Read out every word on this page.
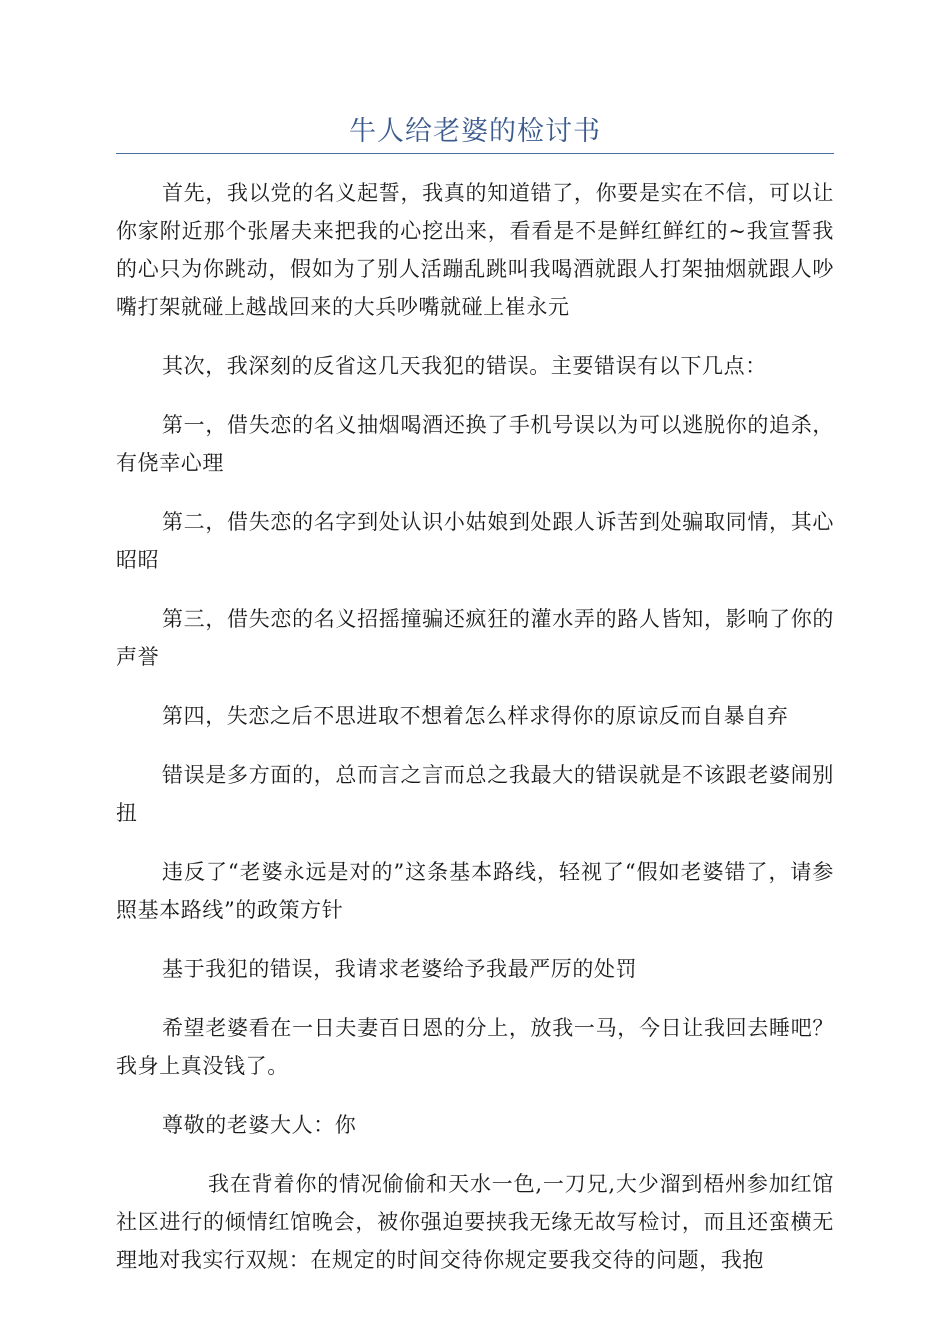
牛人给老婆的检讨书

首先，我以党的名义起誓，我真的知道错了，你要是实在不信，可以让你家附近那个张屠夫来把我的心挖出来，看看是不是鲜红鲜红的~我宣誓我的心只为你跳动，假如为了别人活蹦乱跳叫我喝酒就跟人打架抽烟就跟人吵嘴打架就碰上越战回来的大兵吵嘴就碰上崔永元

其次，我深刻的反省这几天我犯的错误。主要错误有以下几点：

第一，借失恋的名义抽烟喝酒还换了手机号误以为可以逃脱你的追杀，有侥幸心理

第二，借失恋的名字到处认识小姑娘到处跟人诉苦到处骗取同情，其心昭昭

第三，借失恋的名义招摇撞骗还疯狂的灌水弄的路人皆知，影响了你的声誉

第四，失恋之后不思进取不想着怎么样求得你的原谅反而自暴自弃

错误是多方面的，总而言之言而总之我最大的错误就是不该跟老婆闹别扭

违反了“老婆永远是对的”这条基本路线，轻视了“假如老婆错了，请参照基本路线”的政策方针

基于我犯的错误，我请求老婆给予我最严厉的处罚

希望老婆看在一日夫妻百日恩的分上，放我一马，今日让我回去睡吧？我身上真没钱了。

尊敬的老婆大人：你

我在背着你的情况偷偷和天水一色,一刀兄,大少溜到梧州参加红馆社区进行的倾情红馆晚会，被你强迫要挟我无缘无故写检讨，而且还蛮横无理地对我实行双规：在规定的时间交待你规定要我交待的问题，我抱
